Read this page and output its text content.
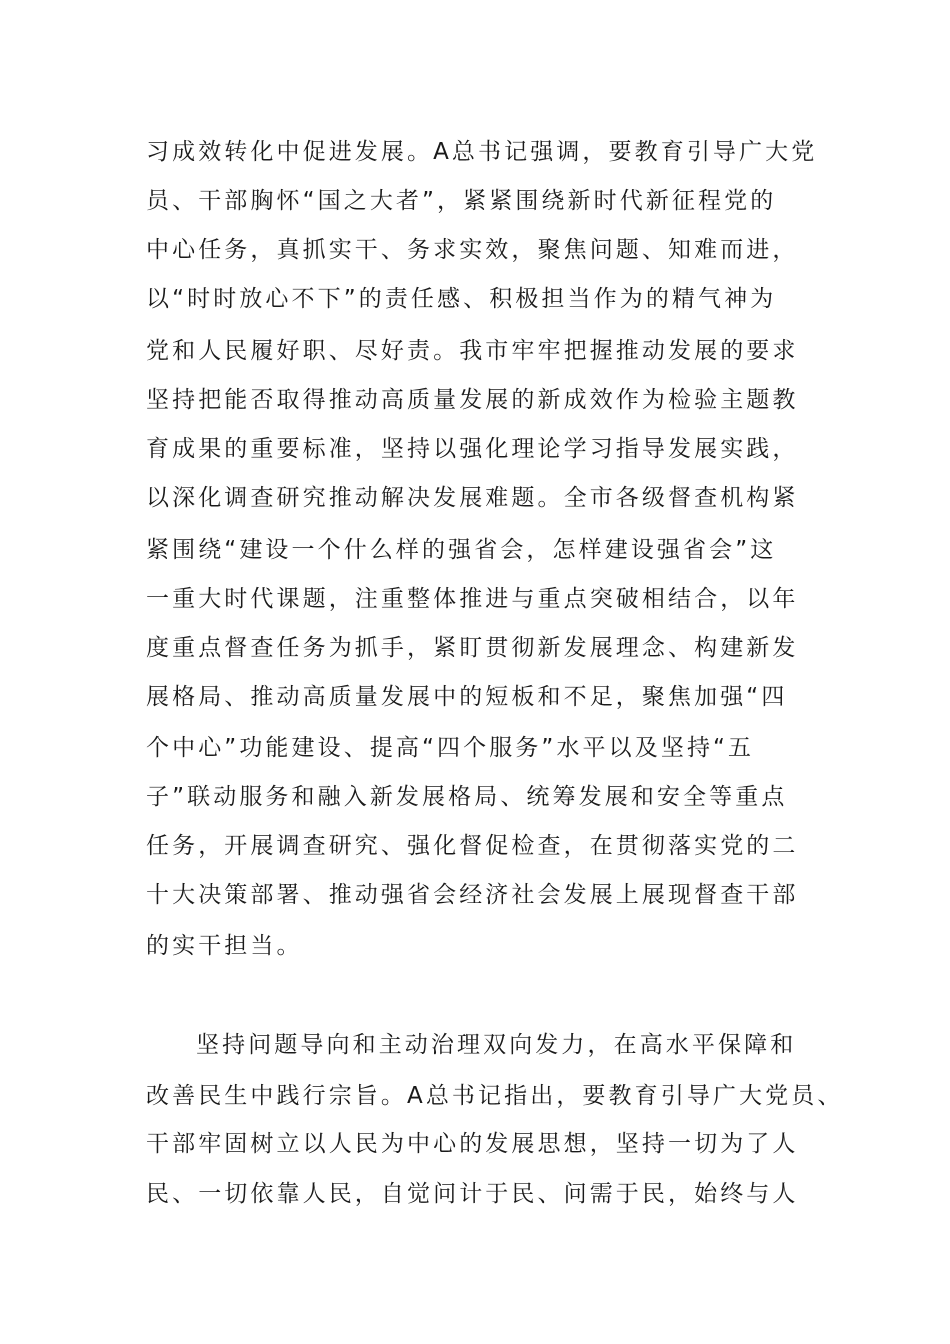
习成效转化中促进发展。A总书记强调，要教育引导广大党
员、干部胸怀“国之大者”，紧紧围绕新时代新征程党的
中心任务，真抓实干、务求实效，聚焦问题、知难而进，
以“时时放心不下”的责任感、积极担当作为的精气神为
党和人民履好职、尽好责。我市牢牢把握推动发展的要求
坚持把能否取得推动高质量发展的新成效作为检验主题教
育成果的重要标准，坚持以强化理论学习指导发展实践，
以深化调查研究推动解决发展难题。全市各级督查机构紧
紧围绕“建设一个什么样的强省会，怎样建设强省会”这
一重大时代课题，注重整体推进与重点突破相结合，以年
度重点督查任务为抓手，紧盯贯彻新发展理念、构建新发
展格局、推动高质量发展中的短板和不足，聚焦加强“四
个中心”功能建设、提高“四个服务”水平以及坚持“五
子”联动服务和融入新发展格局、统筹发展和安全等重点
任务，开展调查研究、强化督促检查，在贯彻落实党的二
十大决策部署、推动强省会经济社会发展上展现督查干部
的实干担当。
坚持问题导向和主动治理双向发力，在高水平保障和
改善民生中践行宗旨。A总书记指出，要教育引导广大党员、
干部牢固树立以人民为中心的发展思想，坚持一切为了人
民、一切依靠人民，自觉问计于民、问需于民，始终与人
